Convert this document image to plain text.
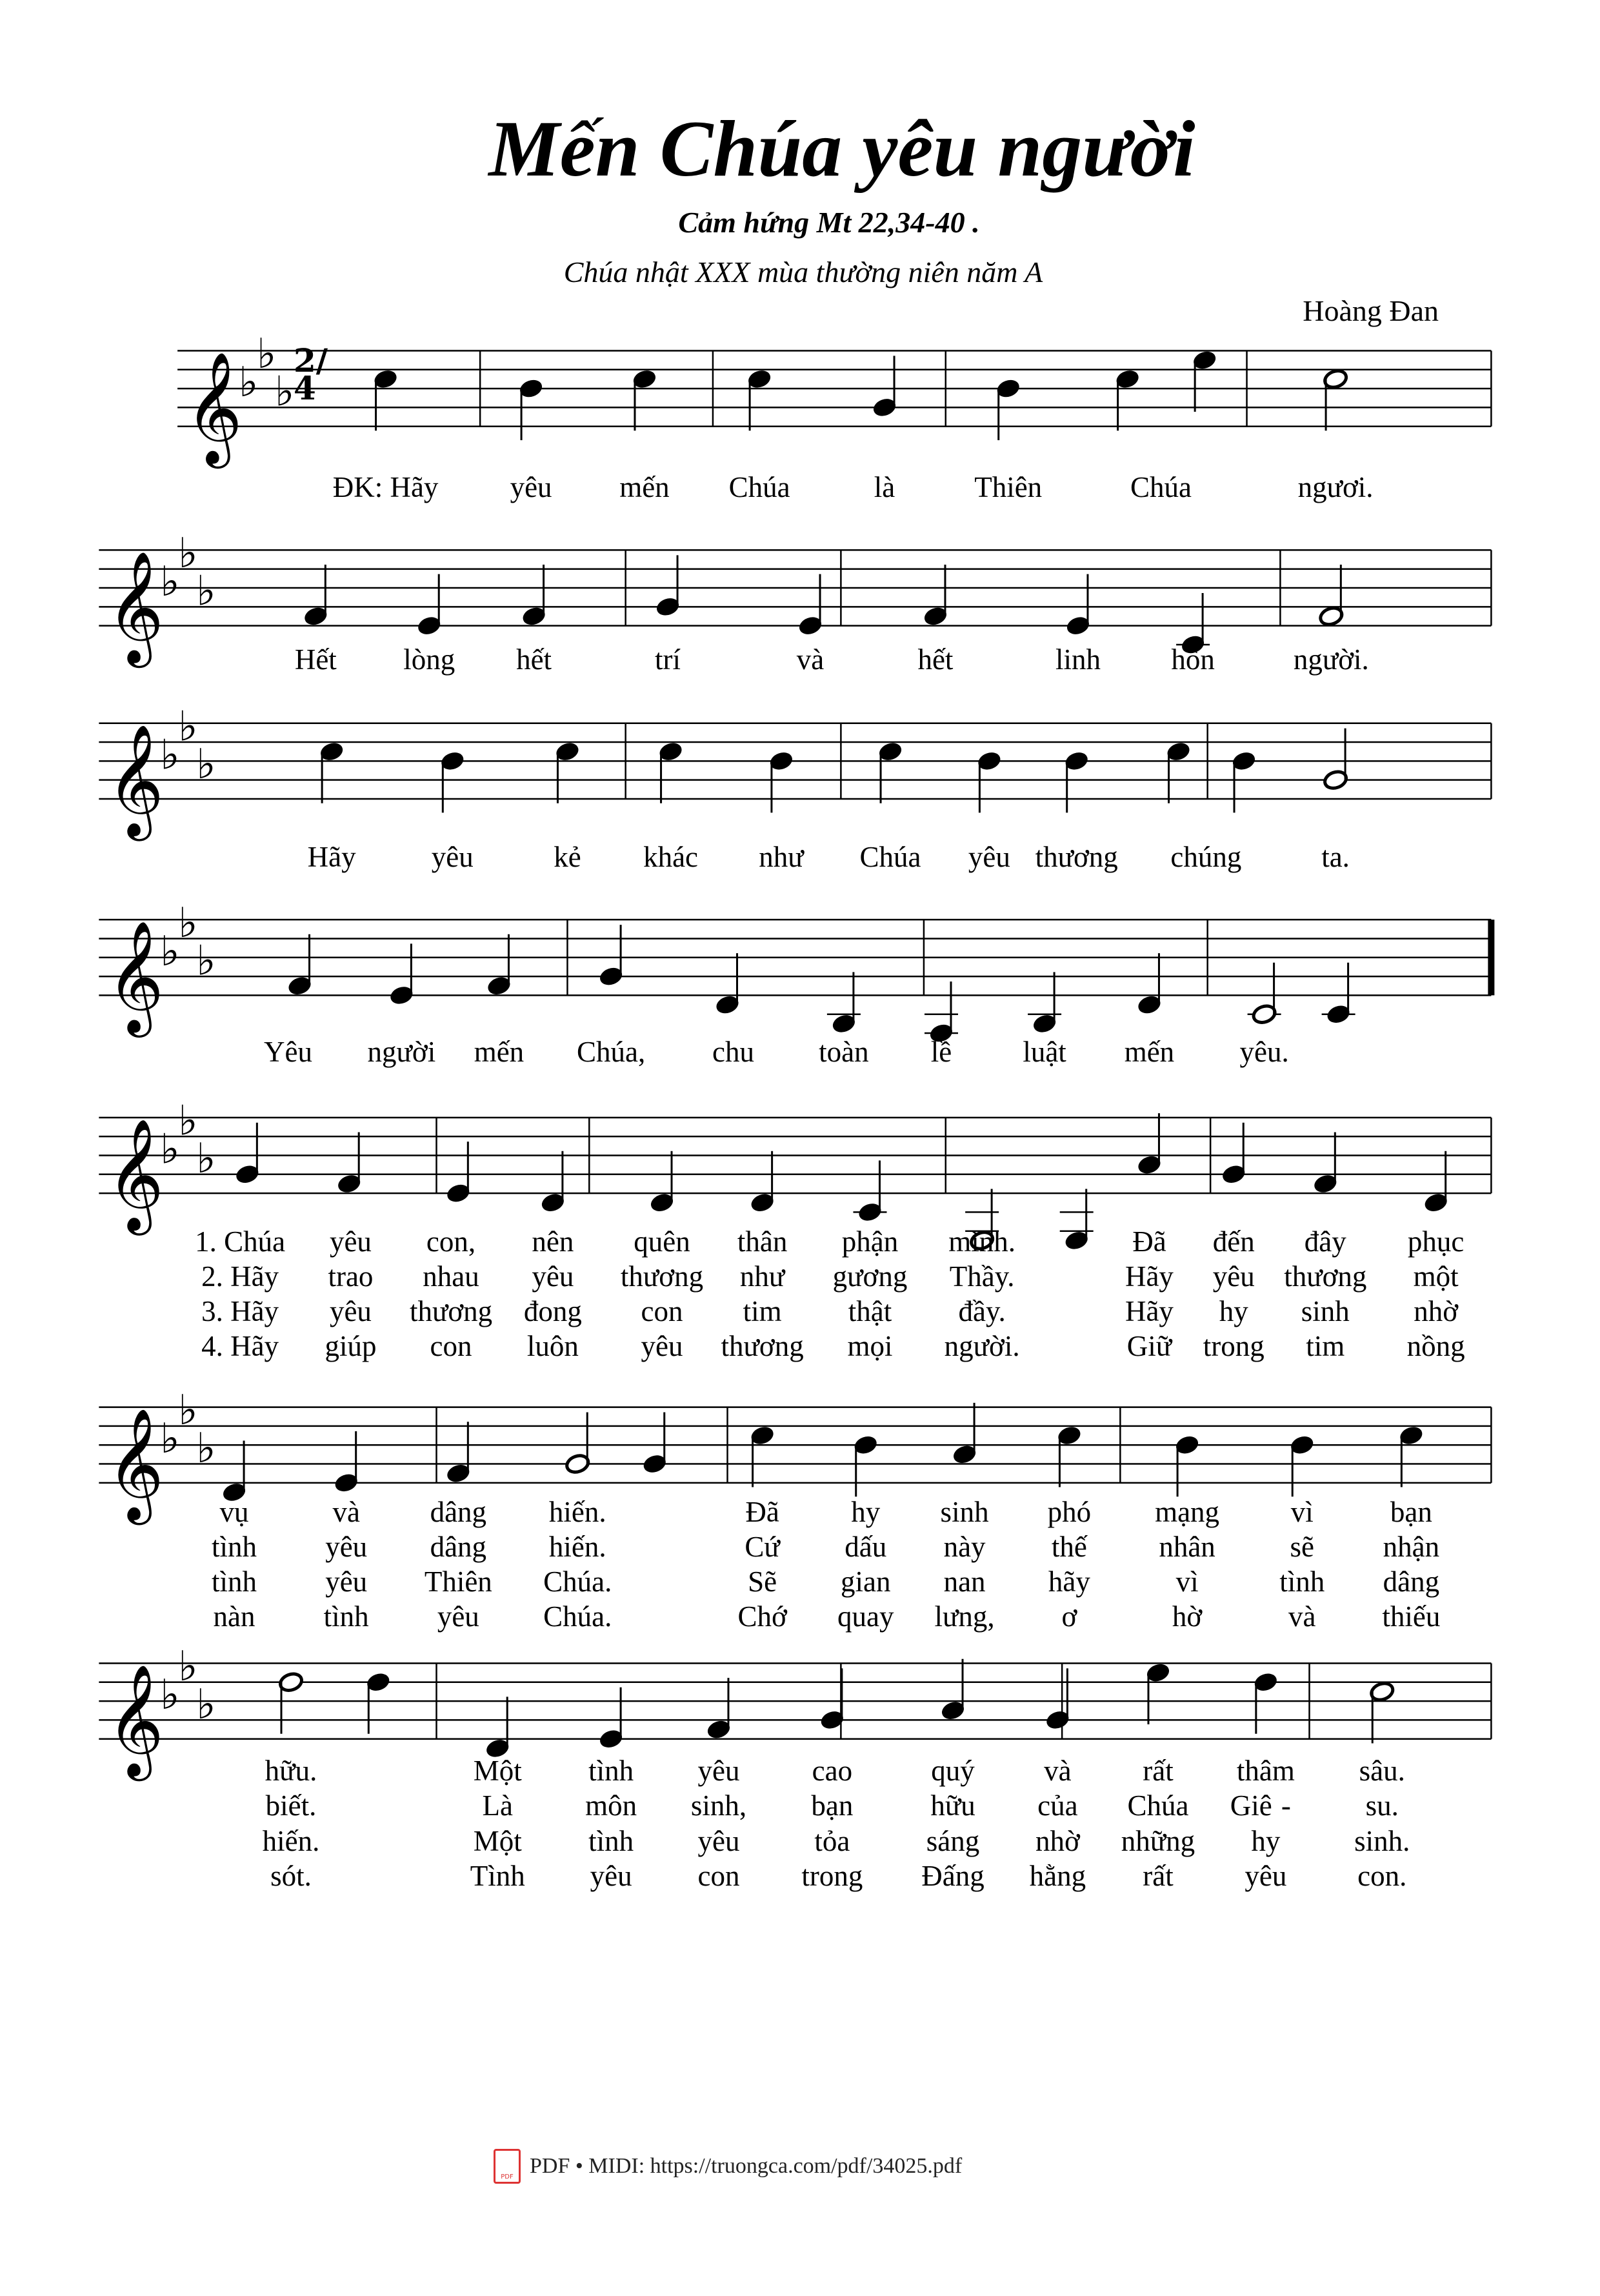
Mến Chúa yêu người
Cảm hứng Mt 22,34-40 .
Chúa nhật XXX mùa thường niên năm A
Hoàng Đan
𝄞
♭
♭
♭
𝄞
♭
♭
♭
𝄞
♭
♭
♭
𝄞
♭
♭
♭
𝄞
♭
♭
♭
𝄞
♭
♭
♭
𝄞
♭
♭
♭
2/4
ĐK: Hãy yêu mến Chúa	là	Thiên	Chúa	ngươi.
Hết lòng hết	trí	và	hết	linh hồn	người.
Hãy	yêu	kẻ khác như Chúa yêu thương chúng	ta.
Yêu người mến Chúa, chu toàn lề luật mến yêu.
1. Chúa yêu con, nên quên thân phận mình.	Đã đến đây phục
2. Hãy trao nhau yêu thương như gương Thầy.	Hãy yêu thương một
3. Hãy yêu thương đong con tim thật đầy.	Hãy hy sinh nhờ
4. Hãy giúp con luôn yêu thương mọi người.	Giữ trong tim nồng
vụ	và dâng hiến.	Đã hy sinh phó mạng vì	bạn
tình yêu dâng hiến.	Cứ dấu này thế nhân	sẽ nhận
tình yêu Thiên Chúa.	Sẽ gian nan hãy	vì	tình dâng
nàn tình yêu Chúa.	Chớ quay lưng, ơ	hờ	và thiếu
hữu.	Một tình yêu cao	quý và rất thâm sâu.
biết.	Là môn sinh, bạn	hữu của Chúa Giê -	su.
hiến.	Một tình yêu	tỏa	sáng nhờ những hy	sinh.
sót.	Tình yêu con trong Đấng hằng rất yêu con.
PDF PDF • MIDI: https://truongca.com/pdf/34025.pdf
